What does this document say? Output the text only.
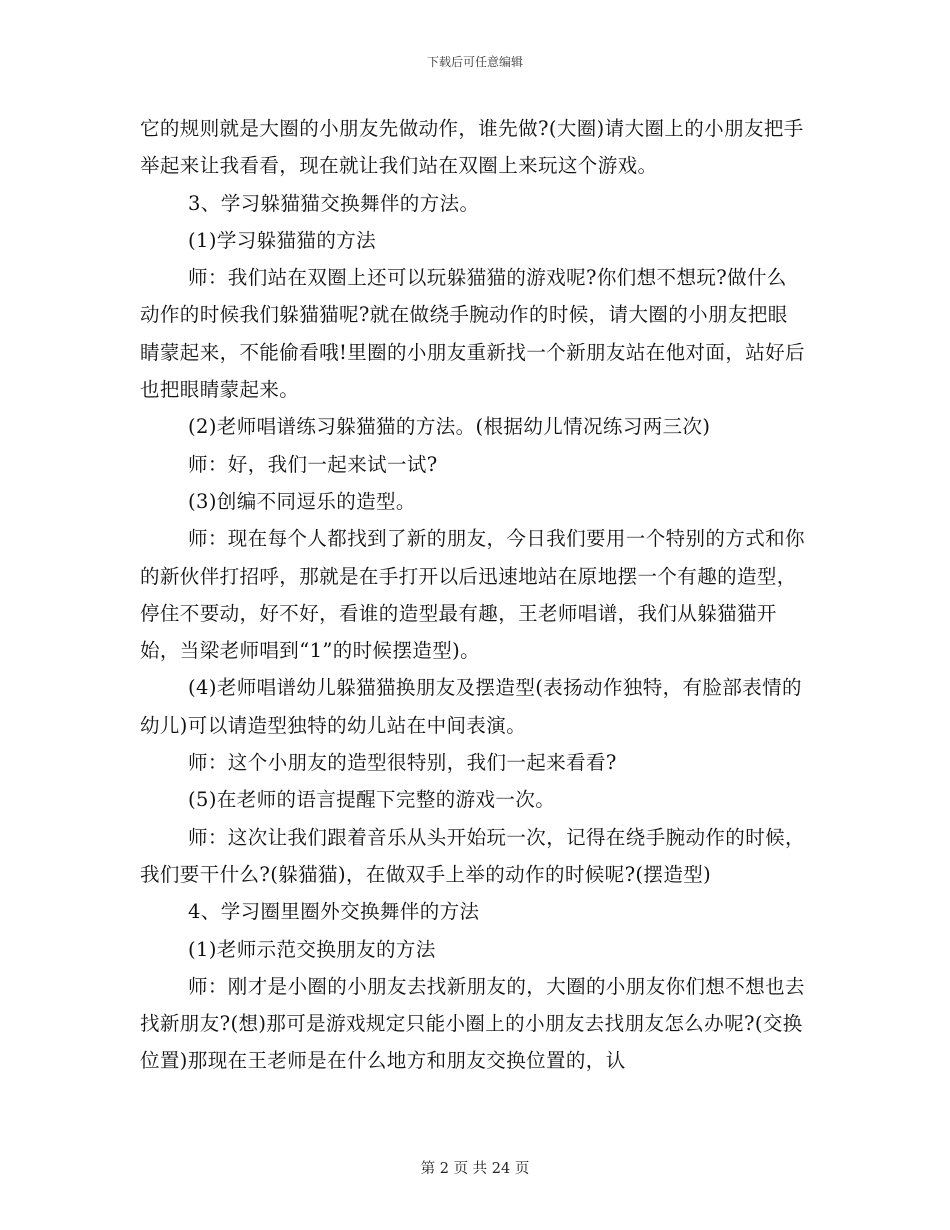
下载后可任意编辑

它的规则就是大圈的小朋友先做动作，谁先做?(大圈)请大圈上的小朋友把手举起来让我看看，现在就让我们站在双圈上来玩这个游戏。

3、学习躲猫猫交换舞伴的方法。

(1)学习躲猫猫的方法

师：我们站在双圈上还可以玩躲猫猫的游戏呢?你们想不想玩?做什么动作的时候我们躲猫猫呢?就在做绕手腕动作的时候，请大圈的小朋友把眼睛蒙起来，不能偷看哦!里圈的小朋友重新找一个新朋友站在他对面，站好后也把眼睛蒙起来。

(2)老师唱谱练习躲猫猫的方法。(根据幼儿情况练习两三次)

师：好，我们一起来试一试?

(3)创编不同逗乐的造型。

师：现在每个人都找到了新的朋友，今日我们要用一个特别的方式和你的新伙伴打招呼，那就是在手打开以后迅速地站在原地摆一个有趣的造型，停住不要动，好不好，看谁的造型最有趣，王老师唱谱，我们从躲猫猫开始，当梁老师唱到“1”的时候摆造型)。

(4)老师唱谱幼儿躲猫猫换朋友及摆造型(表扬动作独特，有脸部表情的幼儿)可以请造型独特的幼儿站在中间表演。

师：这个小朋友的造型很特别，我们一起来看看?

(5)在老师的语言提醒下完整的游戏一次。

师：这次让我们跟着音乐从头开始玩一次，记得在绕手腕动作的时候，我们要干什么?(躲猫猫)，在做双手上举的动作的时候呢?(摆造型)

4、学习圈里圈外交换舞伴的方法

(1)老师示范交换朋友的方法

师：刚才是小圈的小朋友去找新朋友的，大圈的小朋友你们想不想也去找新朋友?(想)那可是游戏规定只能小圈上的小朋友去找朋友怎么办呢?(交换位置)那现在王老师是在什么地方和朋友交换位置的，认

第 2 页 共 24 页
